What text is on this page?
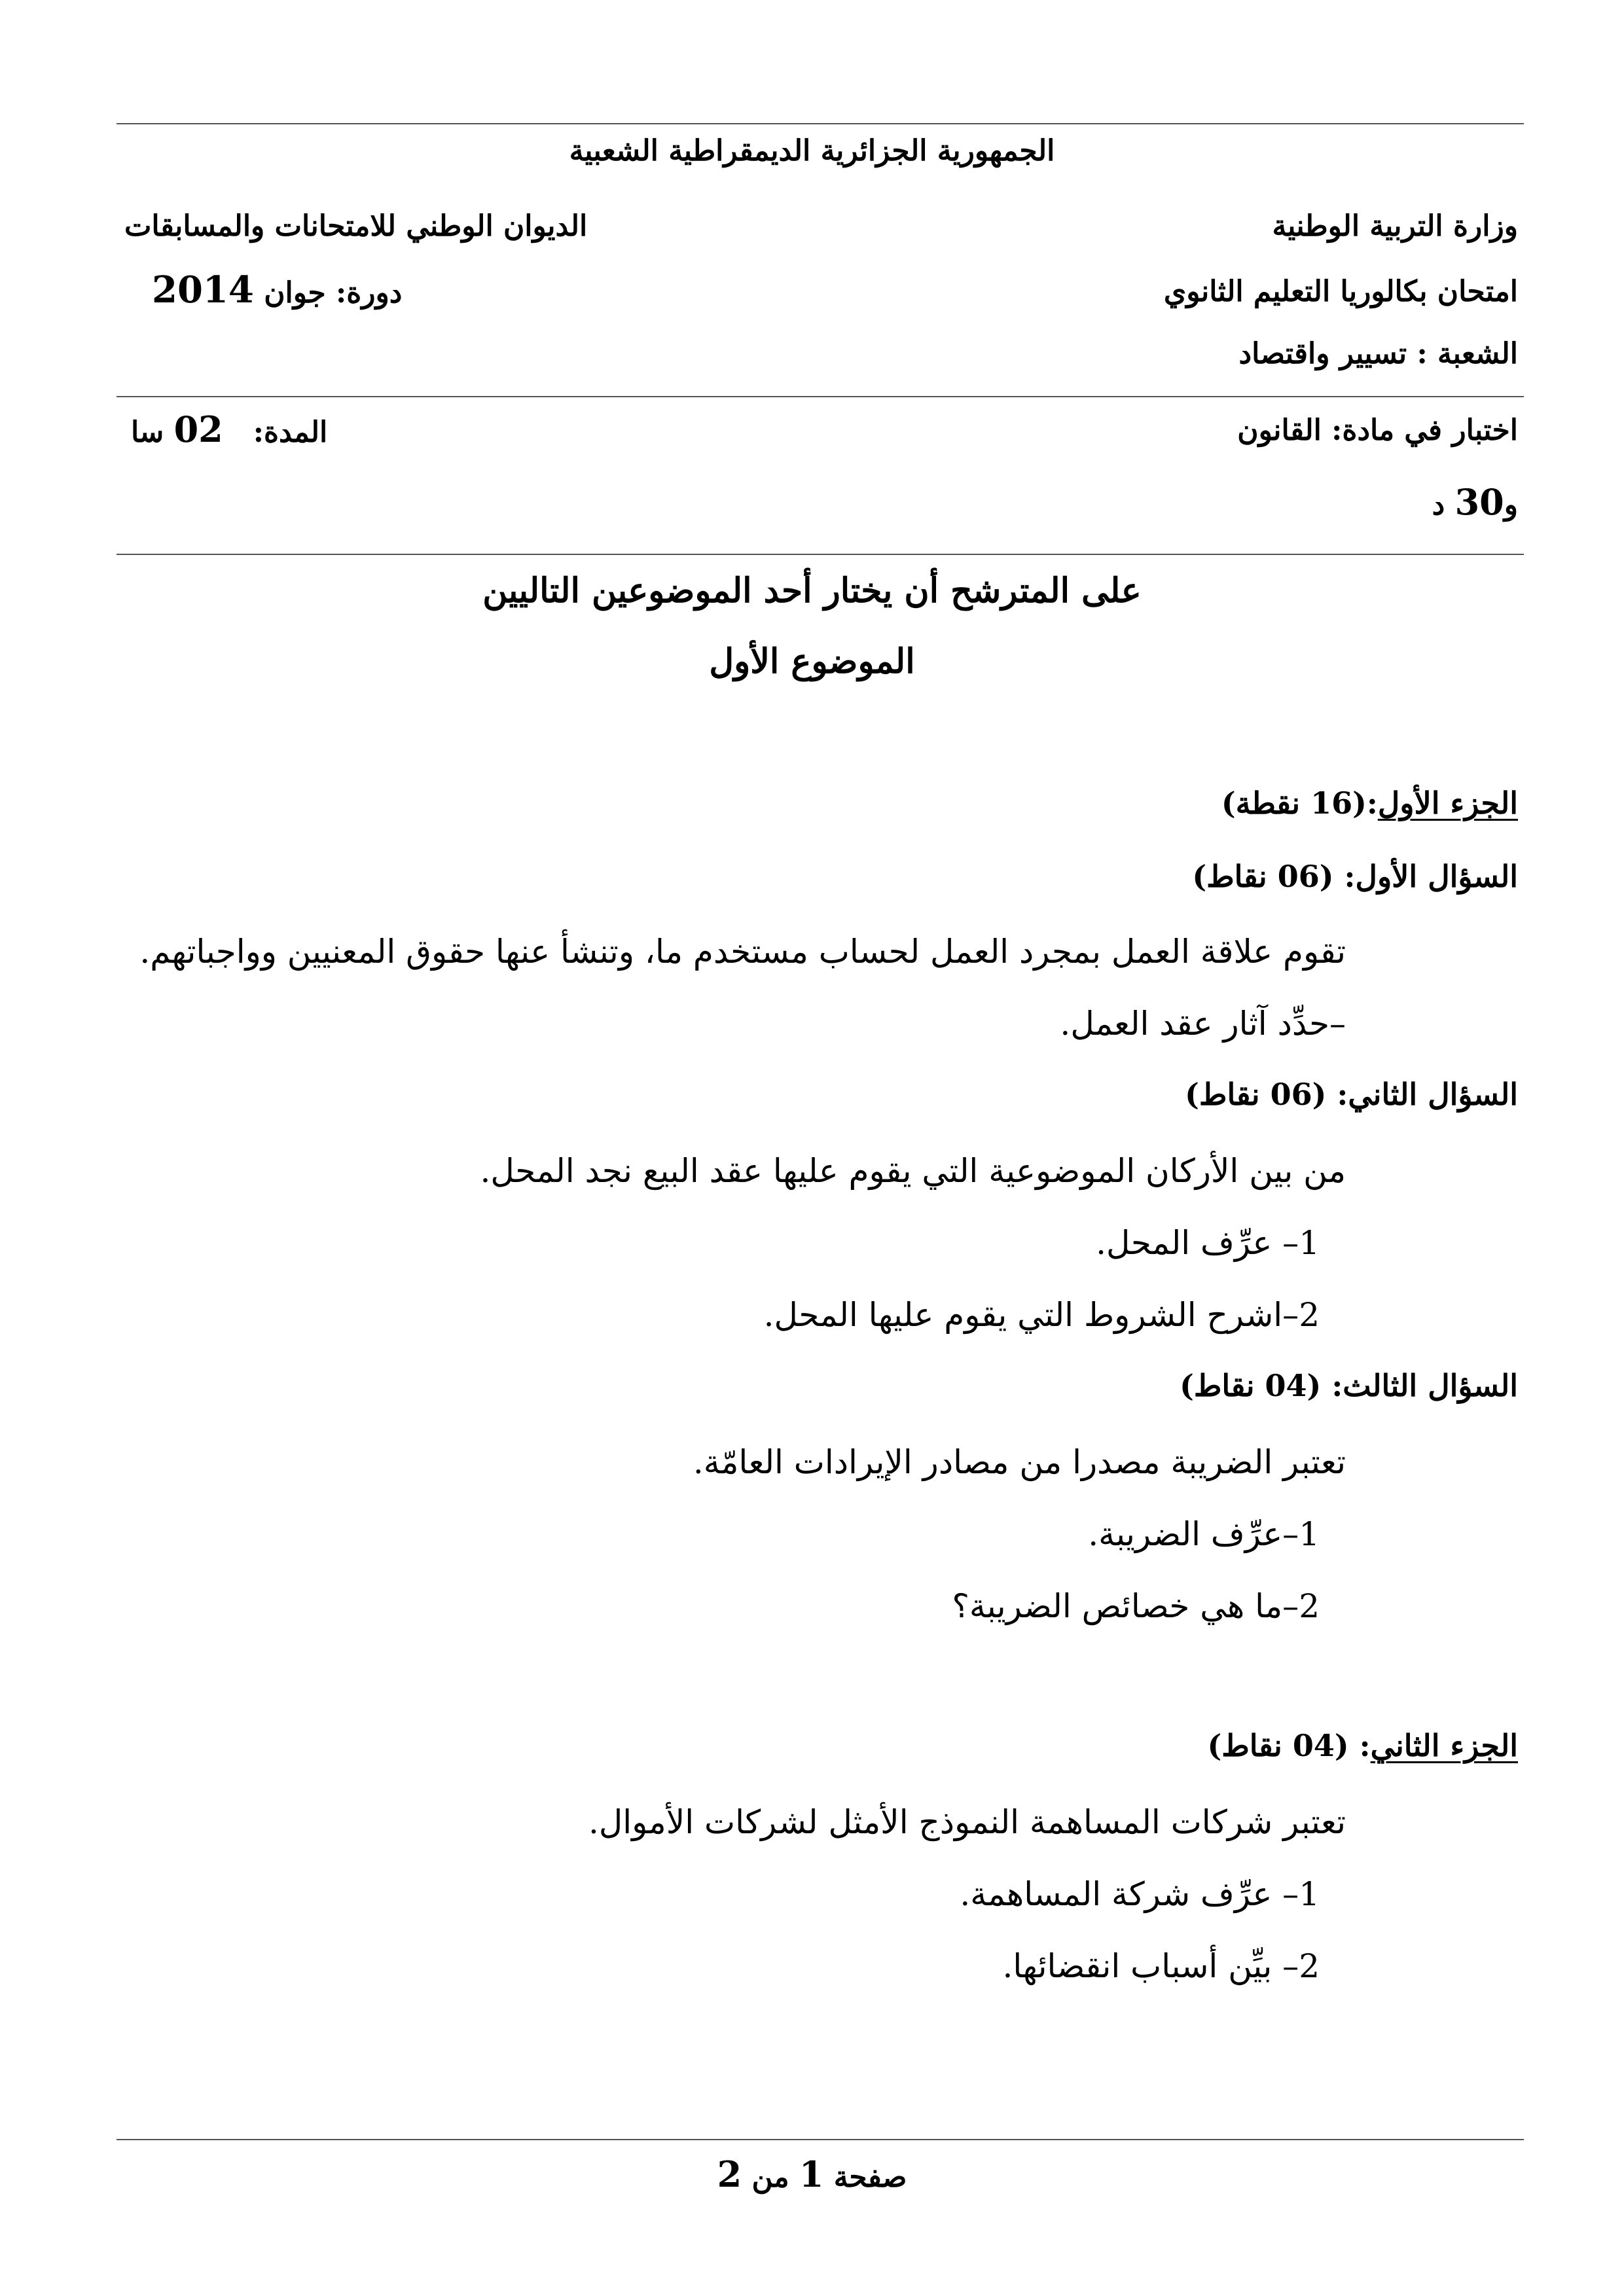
الجمهورية الجزائرية الديمقراطية الشعبية
وزارة التربية الوطنية
الديوان الوطني للامتحانات والمسابقات
امتحان بكالوريا التعليم الثانوي
دورة: جوان 2014
الشعبة : تسيير واقتصاد
اختبار في مادة: القانون
المدة:   02 سا
و30 د
على المترشح أن يختار أحد الموضوعين التاليين
الموضوع الأول
الجزء الأول:(16 نقطة)
السؤال الأول: (06 نقاط)
تقوم علاقة العمل بمجرد العمل لحساب مستخدم ما، وتنشأ عنها حقوق المعنيين وواجباتهم.
–حدِّد آثار عقد العمل.
السؤال الثاني: (06 نقاط)
من بين الأركان الموضوعية التي يقوم عليها عقد البيع نجد المحل.
1– عرِّف المحل.
2–اشرح الشروط التي يقوم عليها المحل.
السؤال الثالث: (04 نقاط)
تعتبر الضريبة مصدرا من مصادر الإيرادات العامّة.
1–عرِّف الضريبة.
2–ما هي خصائص الضريبة؟
الجزء الثاني: (04 نقاط)
تعتبر شركات المساهمة النموذج الأمثل لشركات الأموال.
1– عرِّف شركة المساهمة.
2– بيِّن أسباب انقضائها.
صفحة 1 من 2
